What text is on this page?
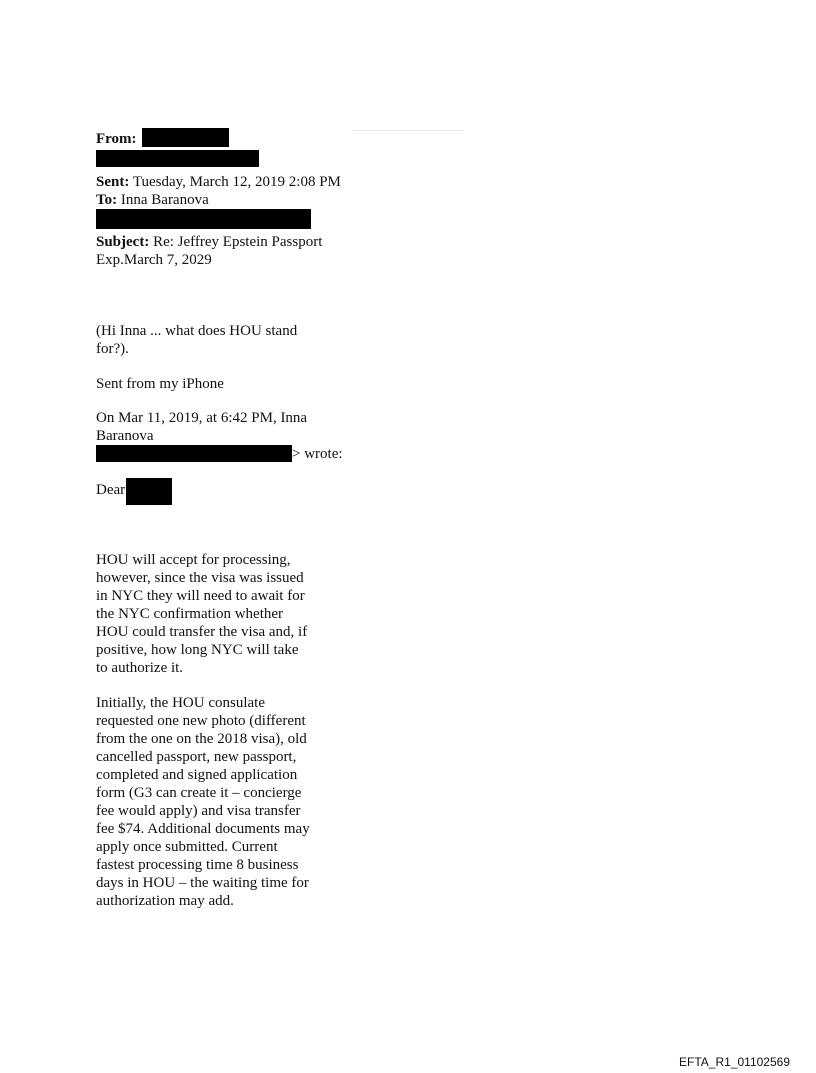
From:

Sent: Tuesday, March 12, 2019 2:08 PM

To: Inna Baranova

Subject: Re: Jeffrey Epstein Passport Exp.March 7, 2029

(Hi Inna ... what does HOU stand for?).

Sent from my iPhone

On Mar 11, 2019, at 6:42 PM, Inna Baranova

> wrote:

Dear

HOU will accept for processing, however, since the visa was issued in NYC they will need to await for the NYC confirmation whether HOU could transfer the visa and, if positive, how long NYC will take to authorize it.

Initially, the HOU consulate requested one new photo (different from the one on the 2018 visa), old cancelled passport, new passport, completed and signed application form (G3 can create it – concierge fee would apply) and visa transfer fee $74. Additional documents may apply once submitted. Current fastest processing time 8 business days in HOU – the waiting time for authorization may add.

EFTA_R1_01102569
